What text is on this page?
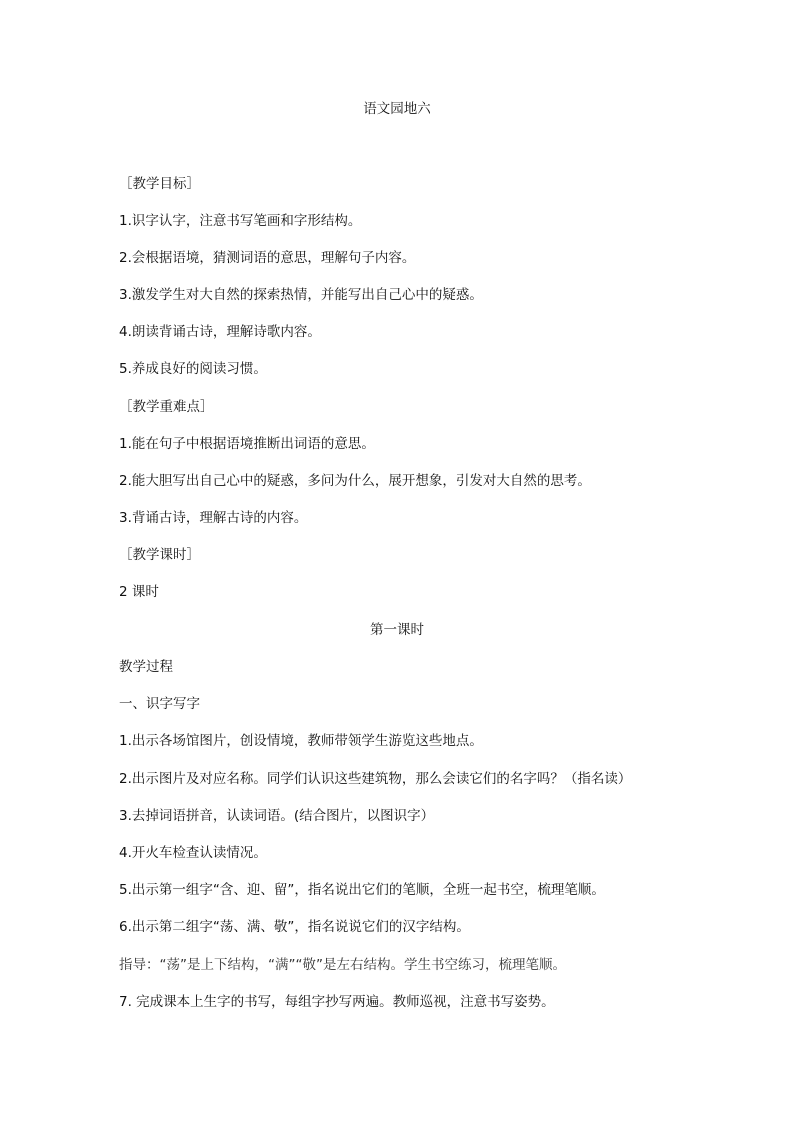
语文园地六
［教学目标］
1.识字认字，注意书写笔画和字形结构。
2.会根据语境，猜测词语的意思，理解句子内容。
3.激发学生对大自然的探索热情，并能写出自己心中的疑惑。
4.朗读背诵古诗，理解诗歌内容。
5.养成良好的阅读习惯。
［教学重难点］
1.能在句子中根据语境推断出词语的意思。
2.能大胆写出自己心中的疑惑，多问为什么，展开想象，引发对大自然的思考。
3.背诵古诗，理解古诗的内容。
［教学课时］
2 课时
第一课时
教学过程
一、识字写字
1.出示各场馆图片，创设情境，教师带领学生游览这些地点。
2.出示图片及对应名称。同学们认识这些建筑物，那么会读它们的名字吗？（指名读）
3.去掉词语拼音，认读词语。(结合图片，以图识字）
4.开火车检查认读情况。
5.出示第一组字“含、迎、留”，指名说出它们的笔顺，全班一起书空，梳理笔顺。
6.出示第二组字“荡、满、敬”，指名说说它们的汉字结构。
指导：“荡”是上下结构，“满”“敬”是左右结构。学生书空练习，梳理笔顺。
7. 完成课本上生字的书写，每组字抄写两遍。教师巡视，注意书写姿势。
